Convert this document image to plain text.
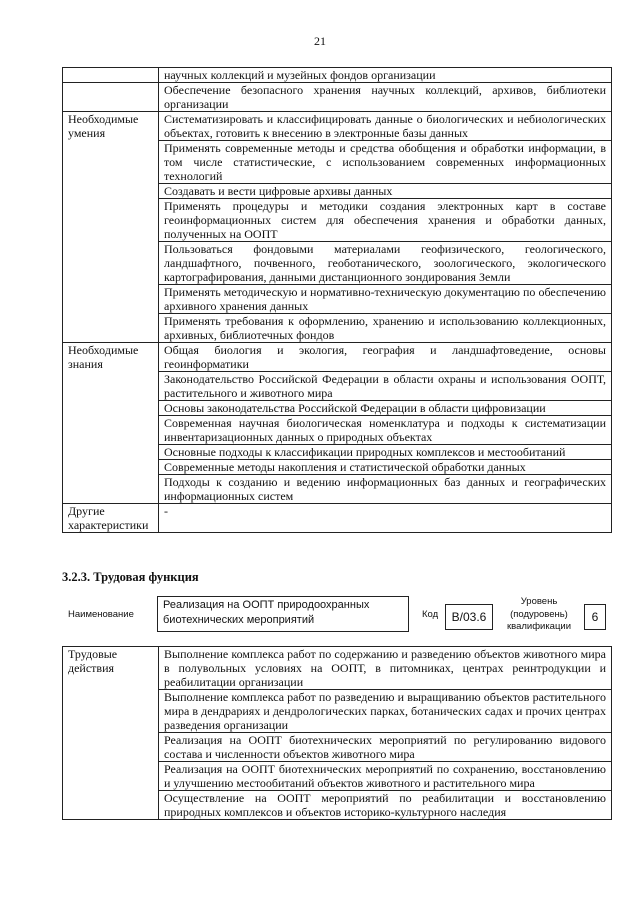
21
	научных коллекций и музейных фондов организации
	Обеспечение безопасного хранения научных коллекций, архивов, библиотеки организации
Необходимые умения	Систематизировать и классифицировать данные о биологических и небиологических объектах, готовить к внесению в электронные базы данных
	Применять современные методы и средства обобщения и обработки информации, в том числе статистические, с использованием современных информационных технологий
	Создавать и вести цифровые архивы данных
	Применять процедуры и методики создания электронных карт в составе геоинформационных систем для обеспечения хранения и обработки данных, полученных на ООПТ
	Пользоваться фондовыми материалами геофизического, геологического, ландшафтного, почвенного, геоботанического, зоологического, экологического картографирования, данными дистанционного зондирования Земли
	Применять методическую и нормативно-техническую документацию по обеспечению архивного хранения данных
	Применять требования к оформлению, хранению и использованию коллекционных, архивных, библиотечных фондов
Необходимые знания	Общая биология и экология, география и ландшафтоведение, основы геоинформатики
	Законодательство Российской Федерации в области охраны и использования ООПТ, растительного и животного мира
	Основы законодательства Российской Федерации в области цифровизации
	Современная научная биологическая номенклатура и подходы к систематизации инвентаризационных данных о природных объектах
	Основные подходы к классификации природных комплексов и местообитаний
	Современные методы накопления и статистической обработки данных
	Подходы к созданию и ведению информационных баз данных и географических информационных систем
Другие характеристики	-
3.2.3. Трудовая функция
Наименование
Реализация на ООПТ природоохранных биотехнических мероприятий	Код	В/03.6
Уровень (подуровень) квалификации
6
Трудовые действия	Выполнение комплекса работ по содержанию и разведению объектов животного мира в полувольных условиях на ООПТ, в питомниках, центрах реинтродукции и реабилитации организации
Выполнение комплекса работ по разведению и выращиванию объектов растительного мира в дендрариях и дендрологических парках, ботанических садах и прочих центрах разведения организации
Реализация на ООПТ биотехнических мероприятий по регулированию видового состава и численности объектов животного мира
Реализация на ООПТ биотехнических мероприятий по сохранению, восстановлению и улучшению местообитаний объектов животного и растительного мира
Осуществление на ООПТ мероприятий по реабилитации и восстановлению природных комплексов и объектов историко-культурного наследия
